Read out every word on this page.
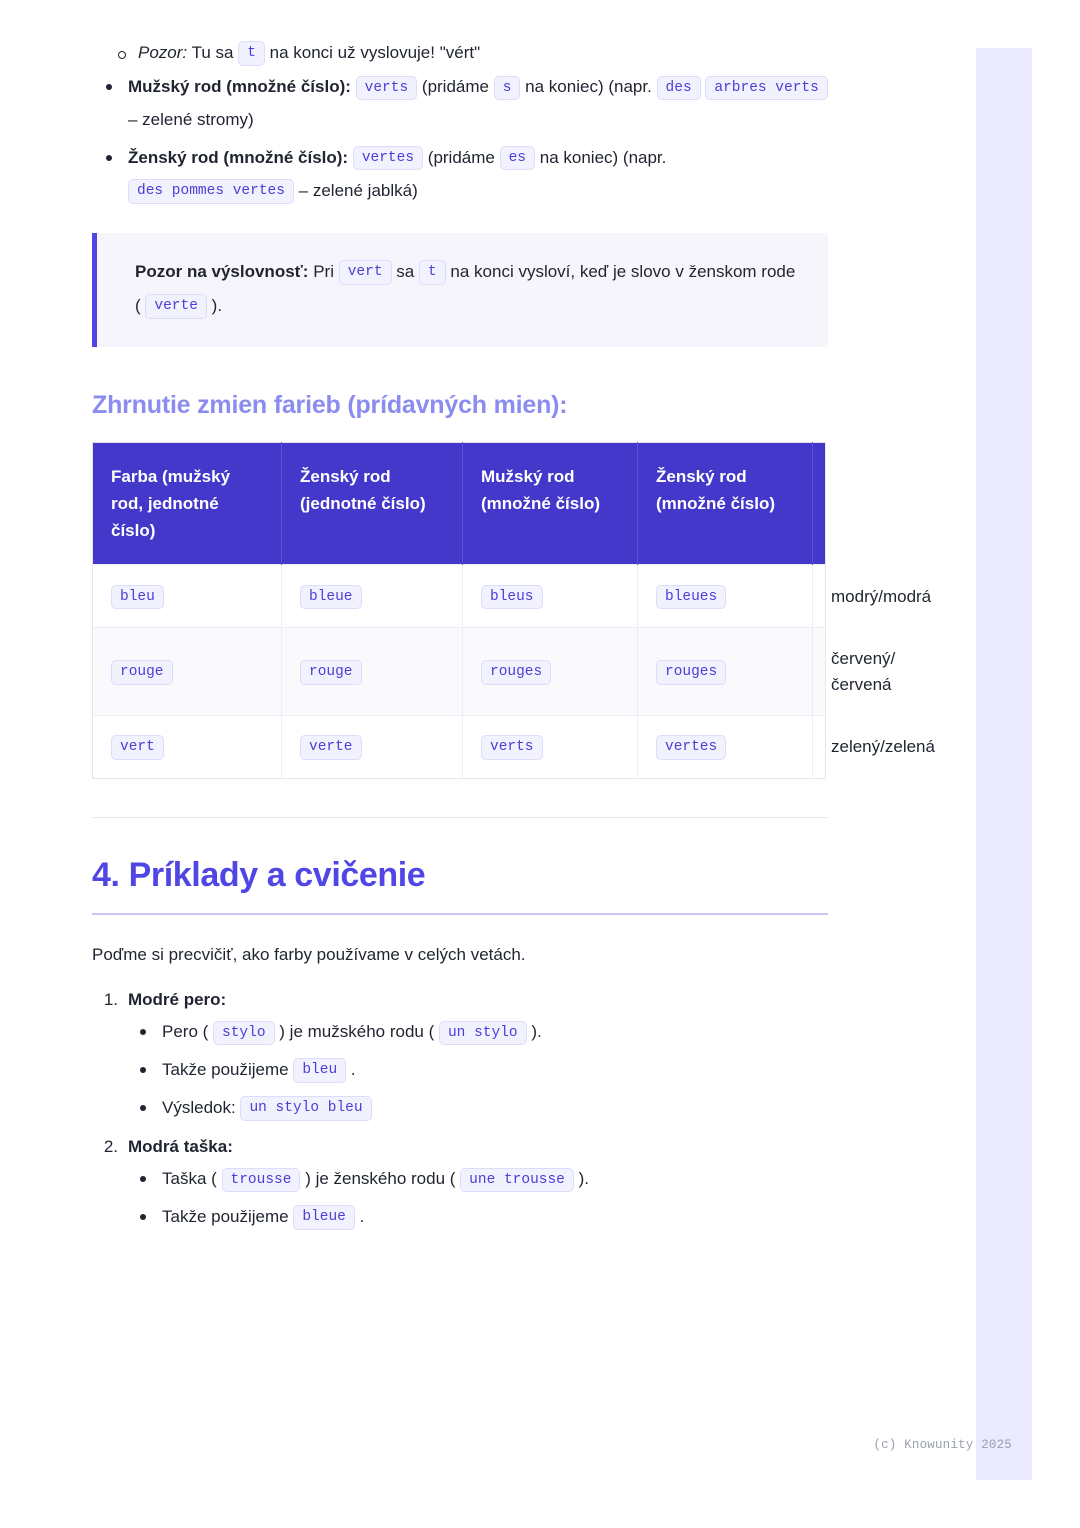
(c) Knowunity 2025
Pozor: Tu sa t na konci už vyslovuje! "vért"
Mužský rod (množné číslo): verts (pridáme s na koniec) (napr. des arbres verts – zelené stromy)
Ženský rod (množné číslo): vertes (pridáme es na koniec) (napr. des pommes vertes – zelené jablká)
Pozor na výslovnosť: Pri vert sa t na konci vysloví, keď je slovo v ženskom rode ( verte ).
Zhrnutie zmien farieb (prídavných mien):
Farba (mužský rod, jednotné číslo)	Ženský rod (jednotné číslo)	Mužský rod (množné číslo)	Ženský rod (množné číslo)	Slovenský preklad
bleu	bleue	bleus	bleues	modrý/modrá
rouge	rouge	rouges	rouges	červený/ červená
vert	verte	verts	vertes	zelený/zelená
4. Príklady a cvičenie

Poďme si precvičiť, ako farby používame v celých vetách.

1. Modré pero:
Pero ( stylo ) je mužského rodu ( un stylo ).
Takže použijeme bleu .
Výsledok: un stylo bleu
2. Modrá taška:
Taška ( trousse ) je ženského rodu ( une trousse ).
Takže použijeme bleue .
